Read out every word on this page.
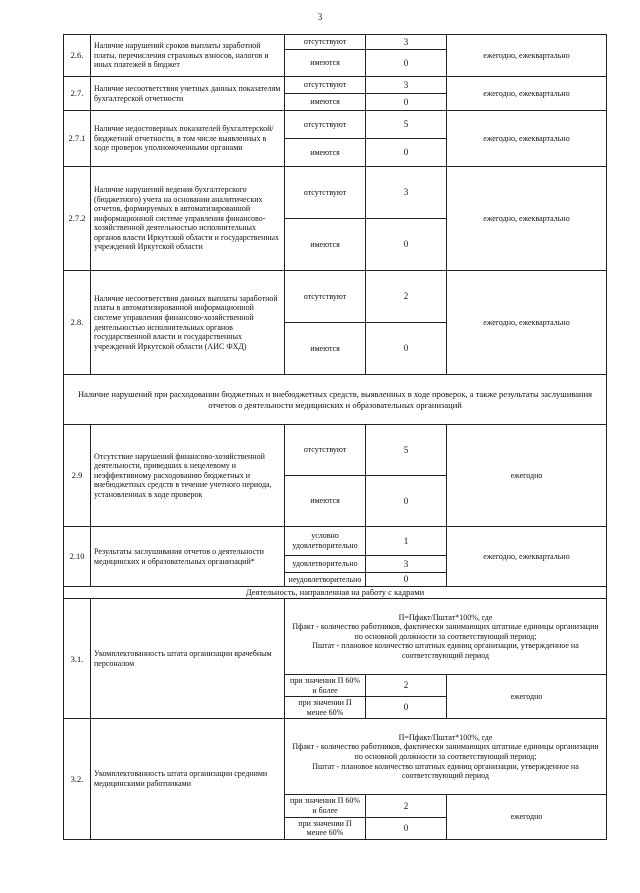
3
2.6.	Наличие нарушений сроков выплаты заработной платы, перечисления страховых взносов, налогов и иных платежей в бюджет	отсутствуют	3	ежегодно, ежеквартально
		имеются	0	
2.7.	Наличие несоответствия учетных данных показателям бухгалтерской отчетности	отсутствуют	3	ежегодно, ежеквартально
		имеются	0	
2.7.1	Наличие недостоверных показателей бухгалтерской/бюджетной отчетности, в том числе выявленных в ходе проверок уполномоченными органами	отсутствуют	5	ежегодно, ежеквартально
		имеются	0	
2.7.2	Наличие нарушений ведения бухгалтерского (бюджетного) учета на основании аналитических отчетов, формируемых в автоматизированной информационной системе управления финансово-хозяйственной деятельностью исполнительных органов власти Иркутской области и государственных учреждений Иркутской области	отсутствуют	3	ежегодно, ежеквартально
		имеются	0	
2.8.	Наличие несоответствия данных выплаты заработной платы в автоматизированной информационной системе управления финансово-хозяйственной деятельностью исполнительных органов государственной власти и государственных учреждений Иркутской области (АИС ФХД)	отсутствуют	2	ежегодно, ежеквартально
		имеются	0	
Наличие нарушений при расходовании бюджетных и внебюджетных средств, выявленных в ходе проверок, а также результаты заслушивания отчетов о деятельности медицинских и образовательных организаций				
2.9	Отсутствие нарушений финансово-хозяйственной деятельности, приведших к нецелевому и неэффективному расходованию бюджетных и внебюджетных средств в течение учетного периода, установленных в ходе проверок	отсутствуют	5	ежегодно
		имеются	0	
2.10	Результаты заслушивания отчетов о деятельности медицинских и образовательных организаций*	условно удовлетворительно	1	ежегодно, ежеквартально
		удовлетворительно	3	
		неудовлетворительно	0	
Деятельность, направленная на работу с кадрами				
3.1.	Укомплектованность штата организации врачебным персоналом	П=Пфакт/Пштат*100%, где
Пфакт - количество работников, фактически занимающих штатные единицы организации по основной должности за соответствующий период;
Пштат - плановое количество штатных единиц организации, утвержденное на соответствующий период		

		при значении П 60% и более	2	ежегодно
		при значении П менее 60%	0	
3.2.	Укомплектованность штата организации средними медицинскими работниками	П=Пфакт/Пштат*100%, где
Пфакт - количество работников, фактически занимающих штатные единицы организации по основной должности за соответствующий период;
Пштат - плановое количество штатных единиц организации, утвержденное на соответствующий период		

		при значении П 60% и более	2	ежегодно
		при значении П менее 60%	0	
